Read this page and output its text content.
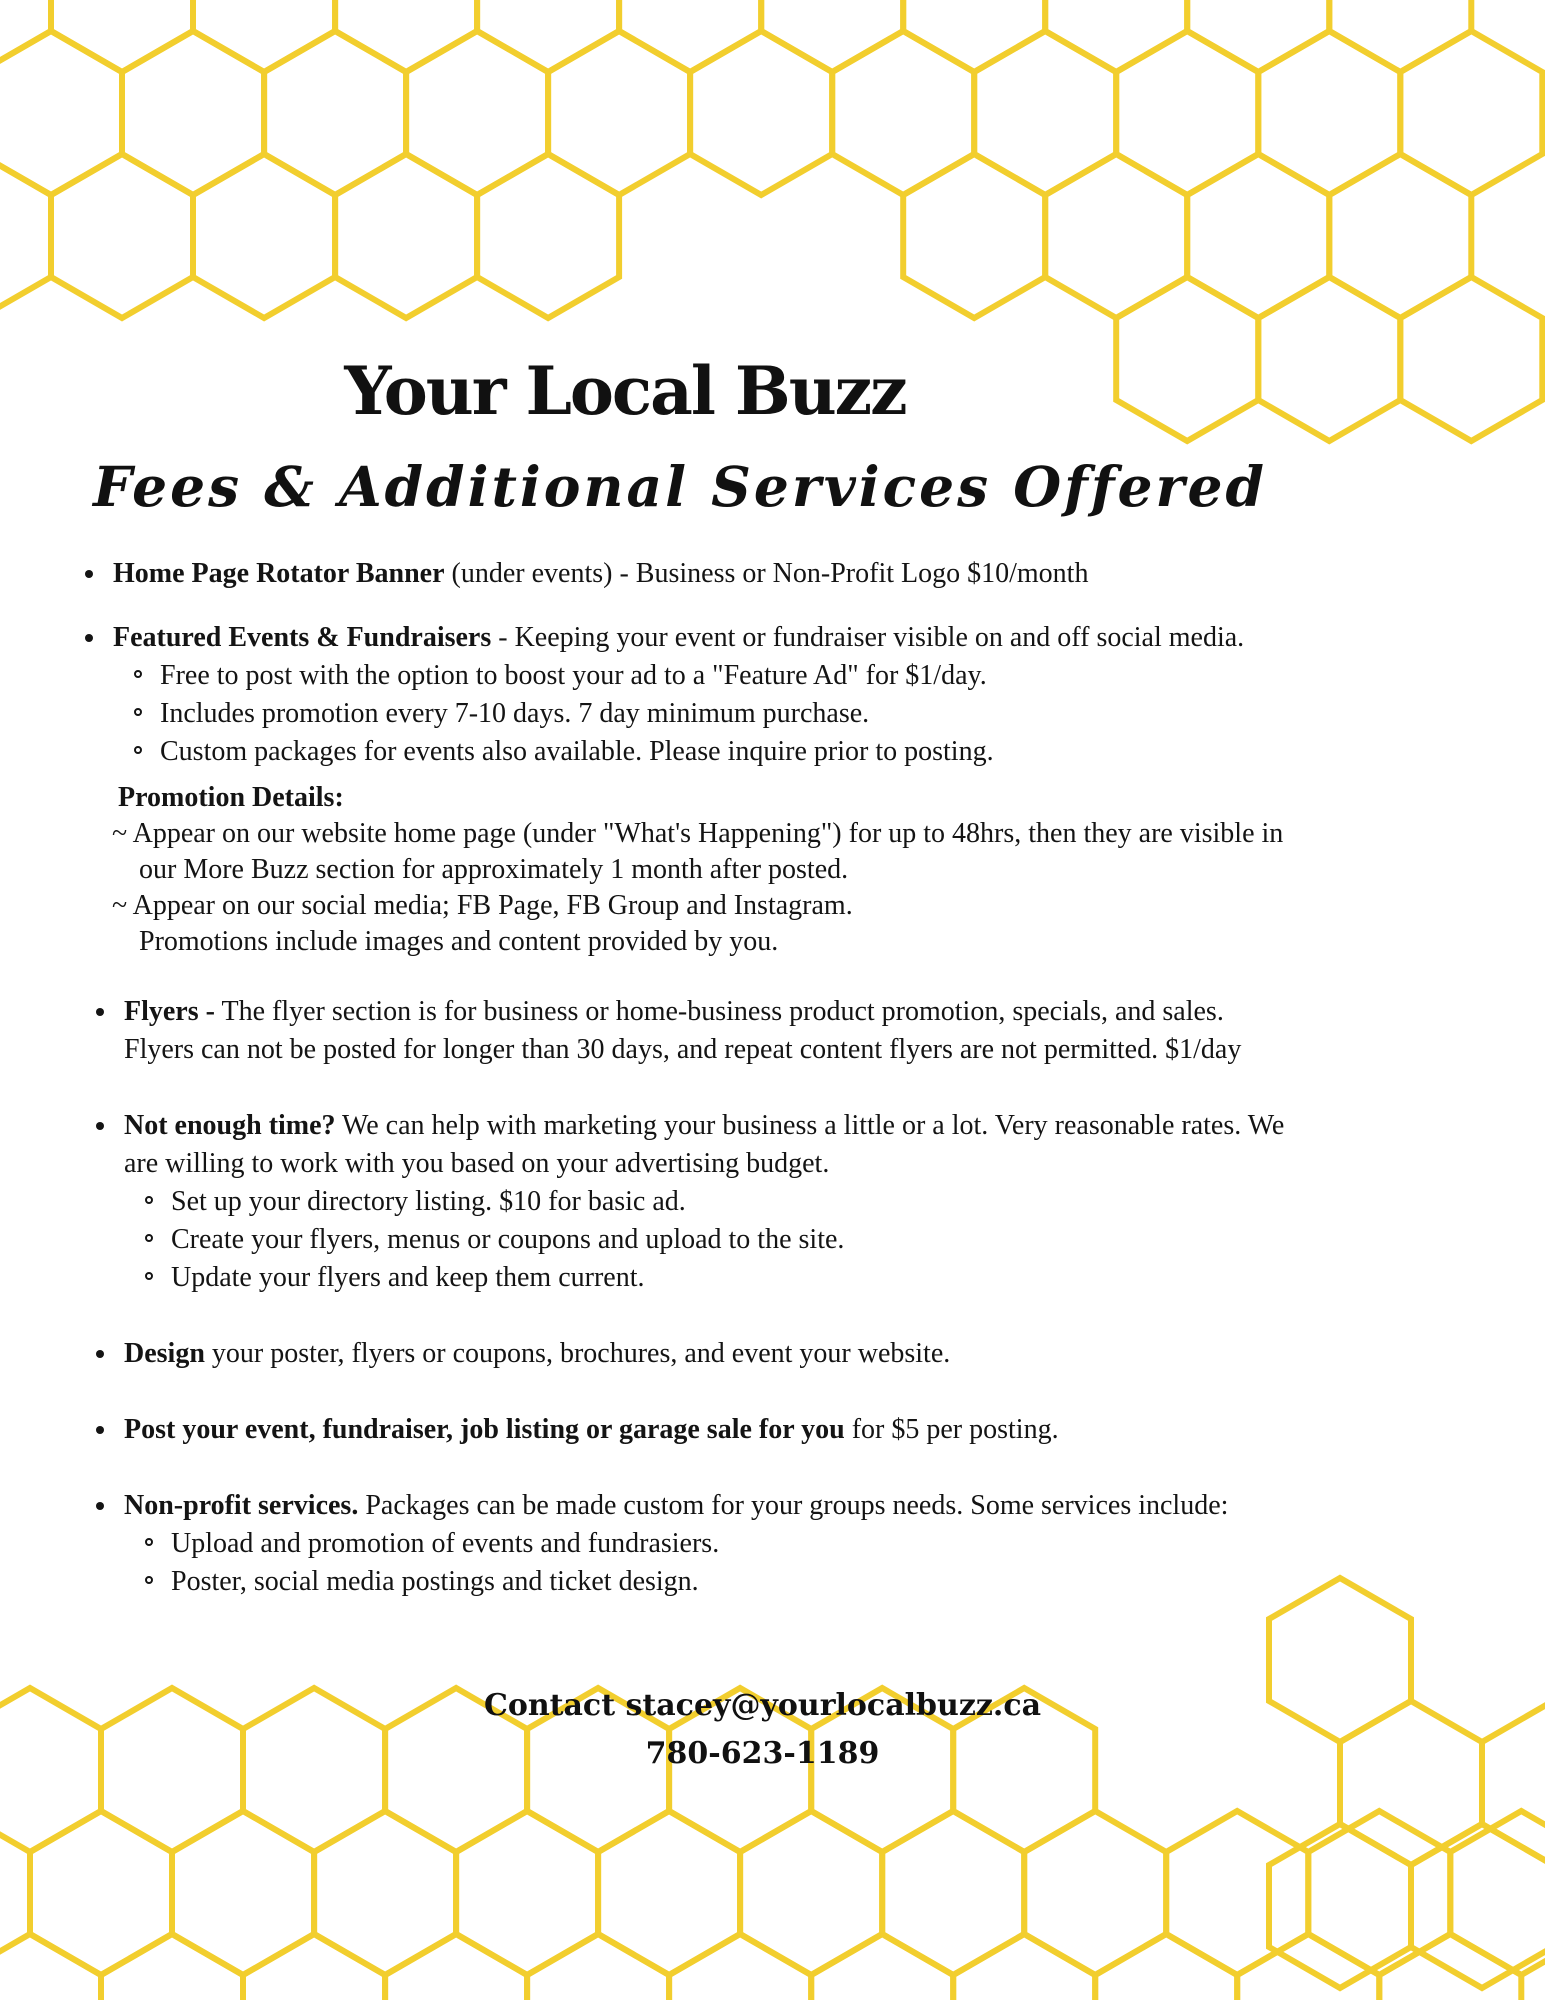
Your Local Buzz
Fees & Additional Services Offered
Home Page Rotator Banner (under events) - Business or Non-Profit Logo $10/month
Featured Events & Fundraisers - Keeping your event or fundraiser visible on and off social media.
Free to post with the option to boost your ad to a "Feature Ad" for $1/day.
Includes promotion every 7-10 days. 7 day minimum purchase.
Custom packages for events also available. Please inquire prior to posting.
Promotion Details:
~ Appear on our website home page (under "What's Happening") for up to 48hrs, then they are visible in
our More Buzz section for approximately 1 month after posted.
~ Appear on our social media; FB Page, FB Group and Instagram.
Promotions include images and content provided by you.
Flyers - The flyer section is for business or home-business product promotion, specials, and sales.
Flyers can not be posted for longer than 30 days, and repeat content flyers are not permitted. $1/day
Not enough time? We can help with marketing your business a little or a lot. Very reasonable rates. We
are willing to work with you based on your advertising budget.
Set up your directory listing. $10 for basic ad.
Create your flyers, menus or coupons and upload to the site.
Update your flyers and keep them current.
Design your poster, flyers or coupons, brochures, and event your website.
Post your event, fundraiser, job listing or garage sale for you for $5 per posting.
Non-profit services. Packages can be made custom for your groups needs. Some services include:
Upload and promotion of events and fundrasiers.
Poster, social media postings and ticket design.
Contact stacey@yourlocalbuzz.ca
780-623-1189
